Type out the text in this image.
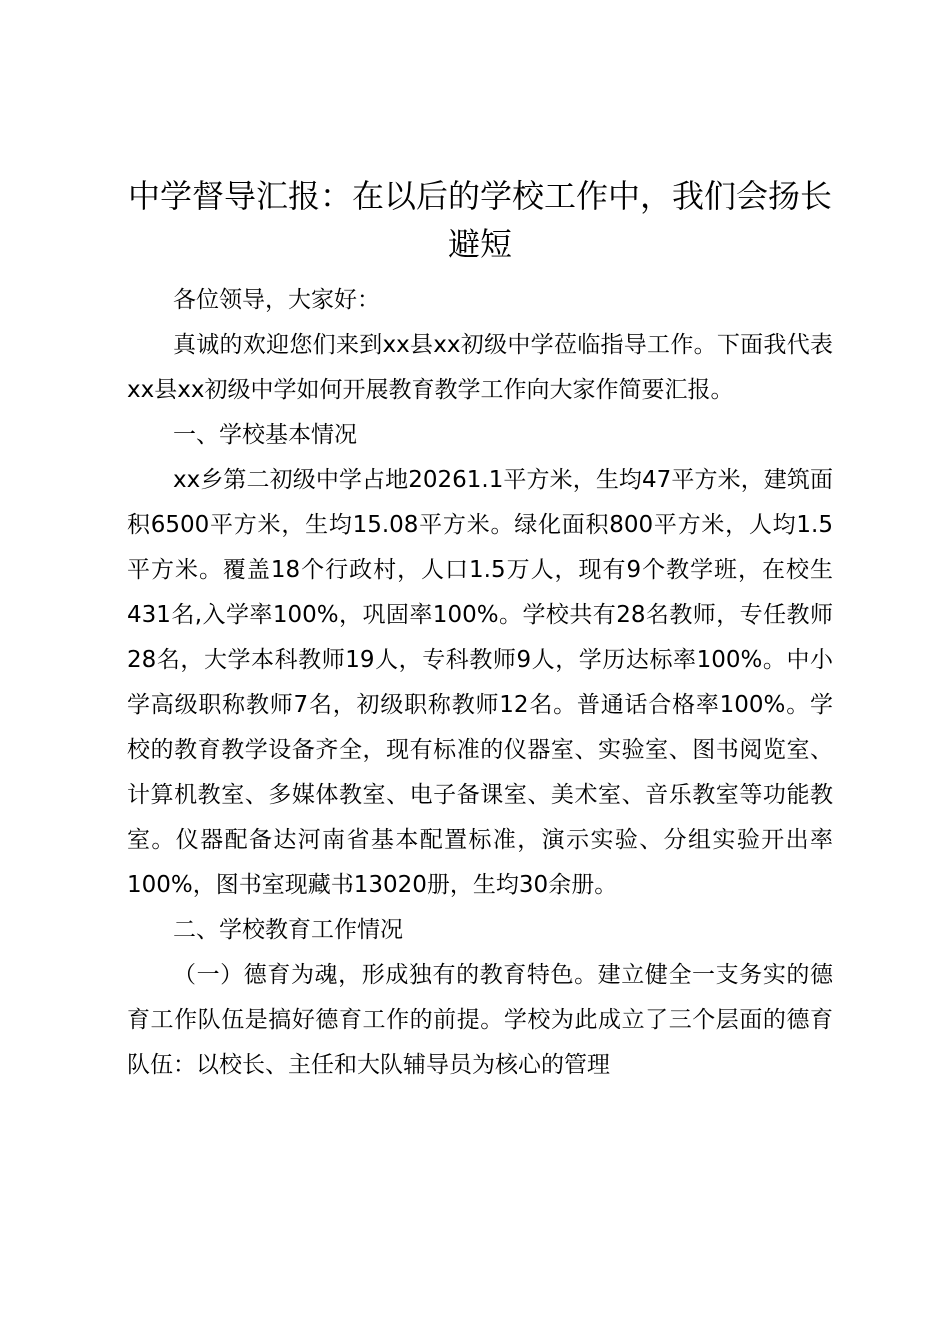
中学督导汇报：在以后的学校工作中，我们会扬长避短

各位领导，大家好：

真诚的欢迎您们来到xx县xx初级中学莅临指导工作。下面我代表xx县xx初级中学如何开展教育教学工作向大家作简要汇报。

一、学校基本情况

xx乡第二初级中学占地20261.1平方米，生均47平方米，建筑面积6500平方米，生均15.08平方米。绿化面积800平方米，人均1.5平方米。覆盖18个行政村，人口1.5万人，现有9个教学班，在校生431名,入学率100%，巩固率100%。学校共有28名教师，专任教师28名，大学本科教师19人，专科教师9人，学历达标率100%。中小学高级职称教师7名，初级职称教师12名。普通话合格率100%。学校的教育教学设备齐全，现有标准的仪器室、实验室、图书阅览室、计算机教室、多媒体教室、电子备课室、美术室、音乐教室等功能教室。仪器配备达河南省基本配置标准，演示实验、分组实验开出率100%，图书室现藏书13020册，生均30余册。

二、学校教育工作情况

（一）德育为魂，形成独有的教育特色。建立健全一支务实的德育工作队伍是搞好德育工作的前提。学校为此成立了三个层面的德育队伍：以校长、主任和大队辅导员为核心的管理
